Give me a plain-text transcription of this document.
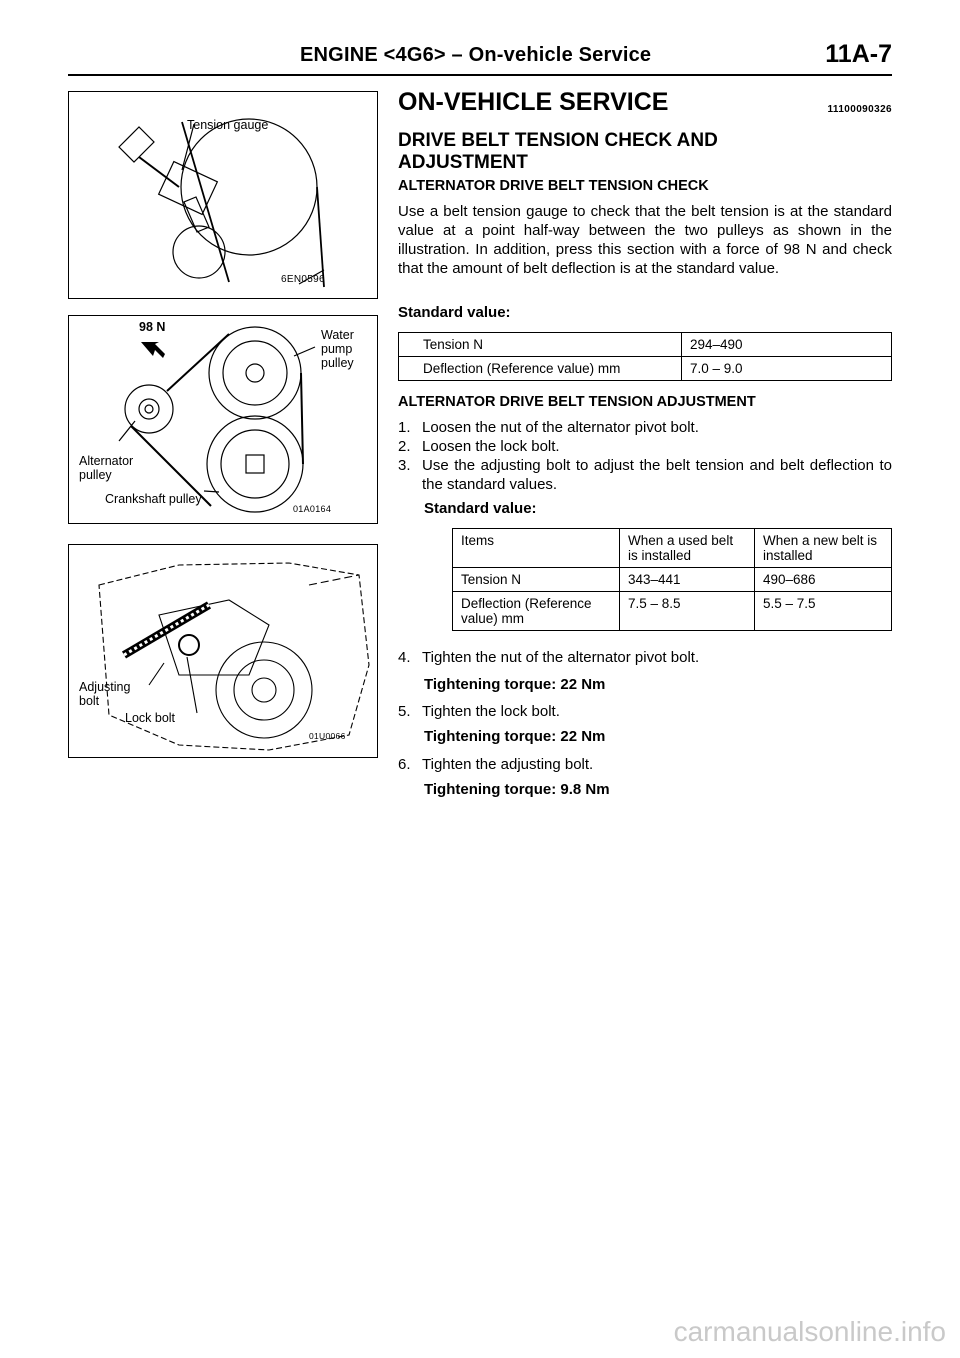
ENGINE <4G6> – On-vehicle Service	11A-7
Tension gauge
6EN0596
98 N
Water
pump
pulley
Alternator
pulley
Crankshaft pulley
01A0164
Adjusting
bolt
Lock bolt
01U0066
ON-VEHICLE SERVICE	11100090326
DRIVE BELT TENSION CHECK AND ADJUSTMENT
ALTERNATOR DRIVE BELT TENSION CHECK
Use a belt tension gauge to check that the belt tension is at the standard value at a point half-way between the two pulleys as shown in the illustration. In addition, press this section with a force of 98 N and check that the amount of belt deflection is at the standard value.
Standard value:
Tension N	294–490
Deflection (Reference value) mm	7.0 – 9.0
ALTERNATOR DRIVE BELT TENSION ADJUSTMENT
1. Loosen the nut of the alternator pivot bolt.
2. Loosen the lock bolt.
3. Use the adjusting bolt to adjust the belt tension and belt deflection to the standard values.
Standard value:
Items	When a used belt is installed	When a new belt is installed
Tension N	343–441	490–686
Deflection (Reference value) mm	7.5 – 8.5	5.5 – 7.5
4. Tighten the nut of the alternator pivot bolt.
Tightening torque: 22 Nm
5. Tighten the lock bolt.
Tightening torque: 22 Nm
6. Tighten the adjusting bolt.
Tightening torque: 9.8 Nm
carmanualsonline.info
